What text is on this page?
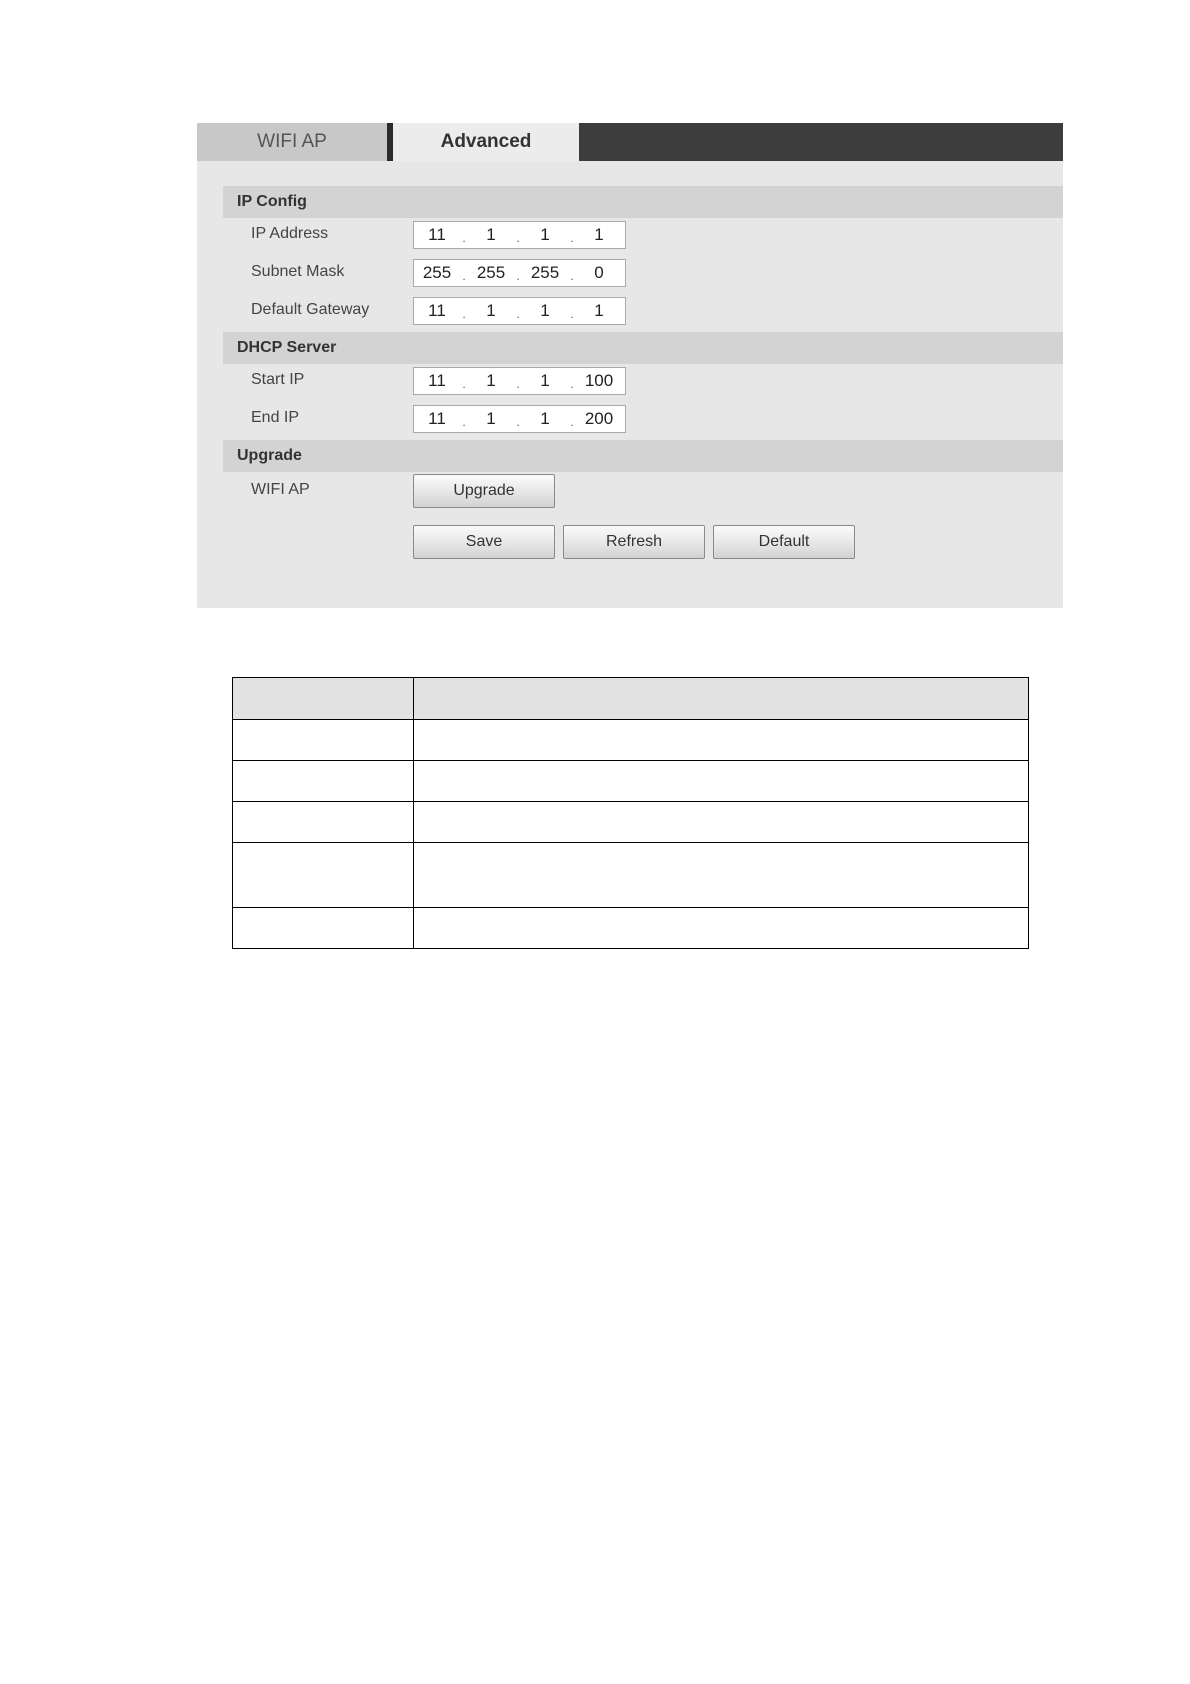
WIFI AP	Advanced
IP Config
IP Address	11	.	1	.	1	.	1
Subnet Mask	255 . 255 . 255 .	0
Default Gateway	11	.	1	.	1	.	1
DHCP Server
Start IP	11	.	1	.	1	. 100
End IP	11	.	1	.	1	. 200
Upgrade
WIFI AP	Upgrade
Save	Refresh	Default
